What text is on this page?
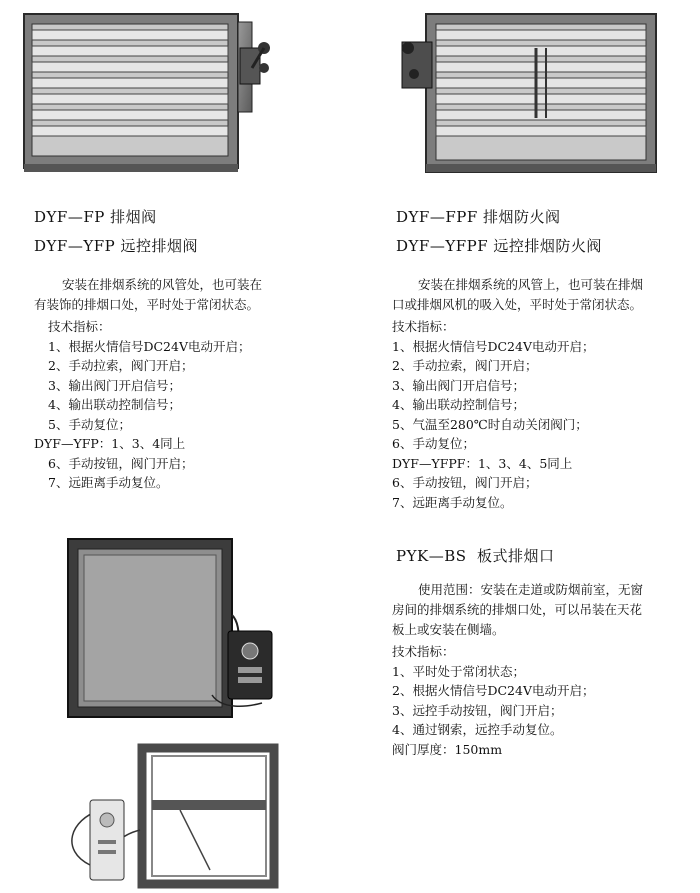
DYF—FP 排烟阀
DYF—YFP 远控排烟阀
安装在排烟系统的风管处，也可装在
有装饰的排烟口处，平时处于常闭状态。
技术指标：
1、根据火情信号DC24V电动开启；
2、手动拉索，阀门开启；
3、输出阀门开启信号；
4、输出联动控制信号；
5、手动复位；
DYF—YFP：1、3、4同上
6、手动按钮，阀门开启；
7、远距离手动复位。
DYF—FPF 排烟防火阀
DYF—YFPF 远控排烟防火阀
安装在排烟系统的风管上，也可装在排烟
口或排烟风机的吸入处，平时处于常闭状态。
技术指标：
1、根据火情信号DC24V电动开启；
2、手动拉索，阀门开启；
3、输出阀门开启信号；
4、输出联动控制信号；
5、气温至280℃时自动关闭阀门；
6、手动复位；
DYF—YFPF：1、3、4、5同上
6、手动按钮，阀门开启；
7、远距离手动复位。
PYK—BS  板式排烟口
使用范围：安装在走道或防烟前室，无窗
房间的排烟系统的排烟口处，可以吊装在天花
板上或安装在侧墙。
技术指标：
1、平时处于常闭状态；
2、根据火情信号DC24V电动开启；
3、远控手动按钮，阀门开启；
4、通过钢索，远控手动复位。
阀门厚度：150mm
